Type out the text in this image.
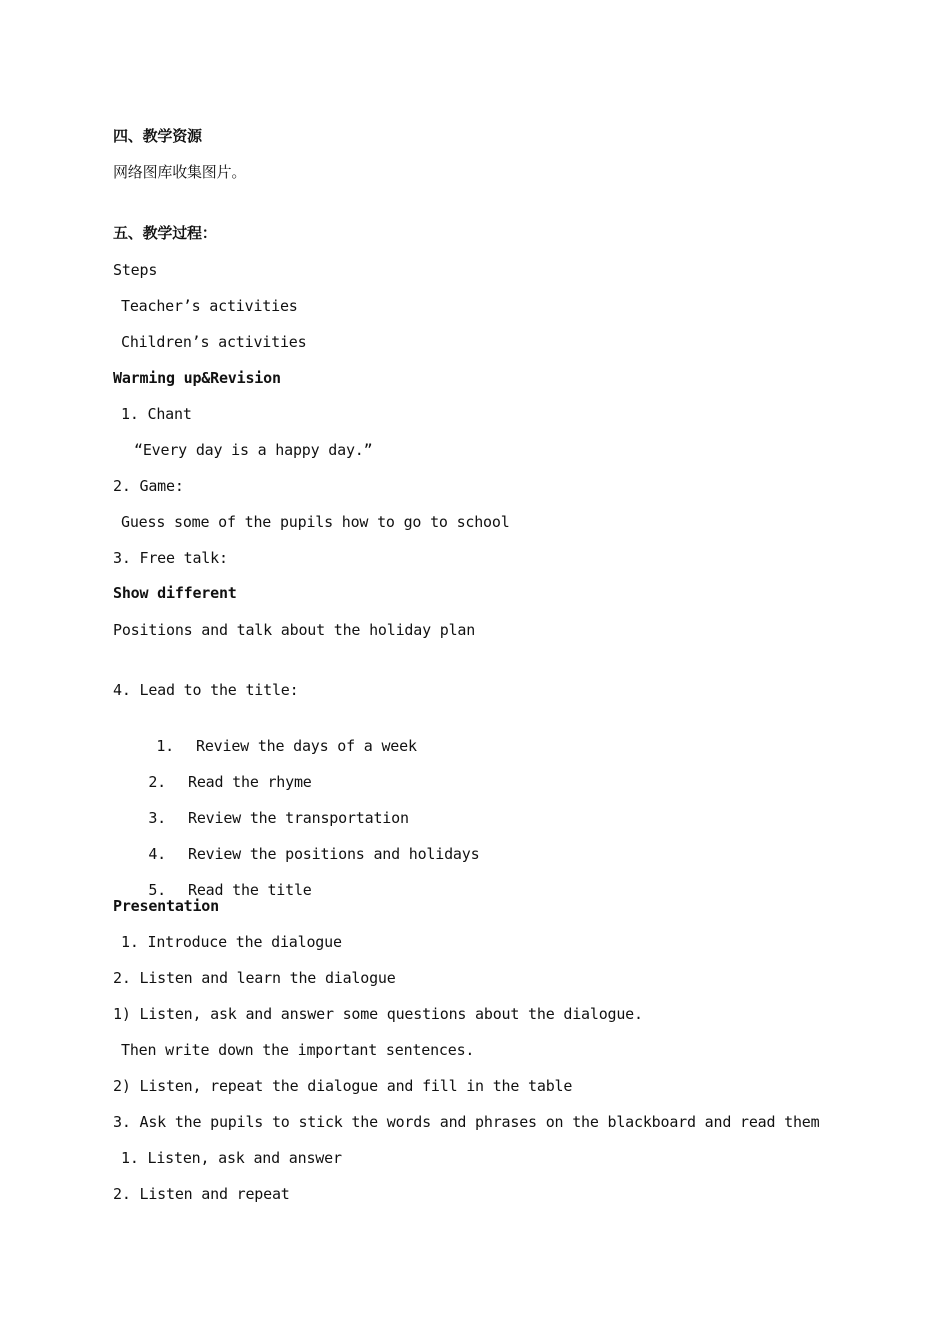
四、教学资源
网络图库收集图片。
五、教学过程：
Steps
Teacher’s activities
Children’s activities
Warming up&Revision
1. Chant
“Every day is a happy day.”
2. Game:
Guess some of the pupils how to go to school
3. Free talk:
Show different
Positions and talk about the holiday plan
4. Lead to the title:

1. Review the days of a week

2. Read the rhyme

3. Review the transportation

4. Review the positions and holidays

5. Read the title

Presentation
1. Introduce the dialogue
2. Listen and learn the dialogue
1) Listen, ask and answer some questions about the dialogue.
Then write down the important sentences.
2) Listen, repeat the dialogue and fill in the table
3. Ask the pupils to stick the words and phrases on the blackboard and read them
1. Listen, ask and answer
2. Listen and repeat
